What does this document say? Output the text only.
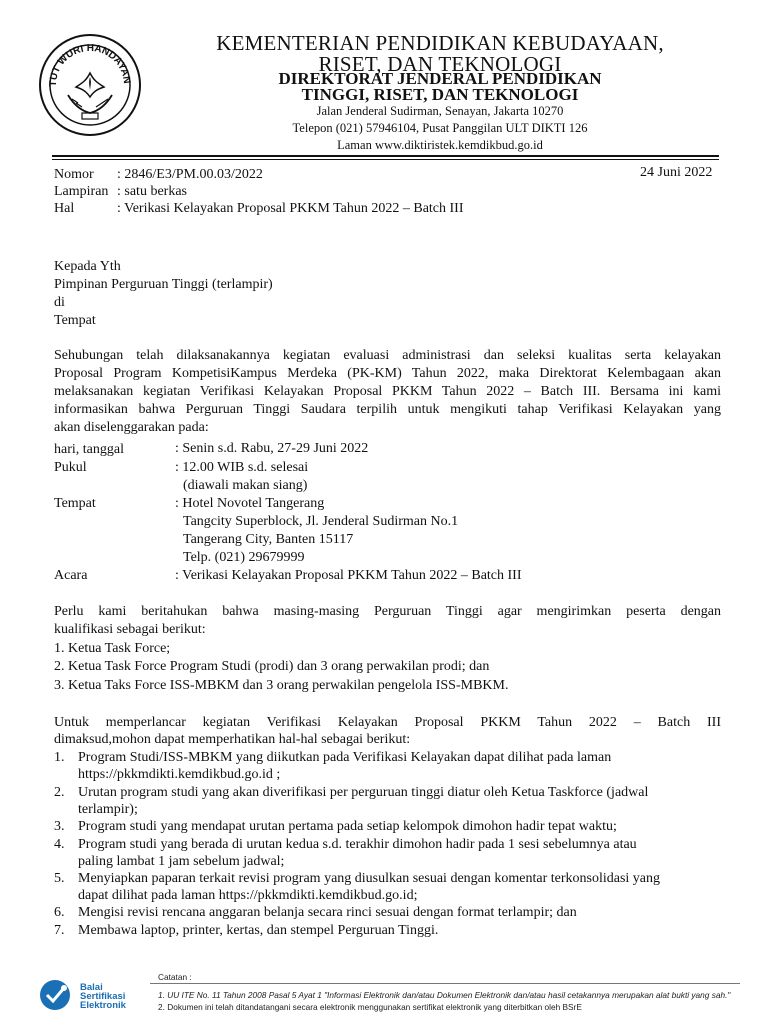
TUT WURI HANDAYAN
KEMENTERIAN PENDIDIKAN KEBUDAYAAN,
RISET, DAN TEKNOLOGI
DIREKTORAT JENDERAL PENDIDIKAN
TINGGI, RISET, DAN TEKNOLOGI
Jalan Jenderal Sudirman, Senayan, Jakarta 10270
Telepon (021) 57946104, Pusat Panggilan ULT DIKTI 126
Laman www.diktiristek.kemdikbud.go.id
Nomor : 2846/E3/PM.00.03/2022	24 Juni 2022
Lampiran : satu berkas
Hal	: Verikasi Kelayakan Proposal PKKM Tahun 2022 – Batch III
Kepada Yth
Pimpinan Perguruan Tinggi (terlampir)
di
Tempat
Sehubungan telah dilaksanakannya kegiatan evaluasi administrasi dan seleksi kualitas serta kelayakan
Proposal Program KompetisiKampus Merdeka (PK-KM) Tahun 2022, maka Direktorat Kelembagaan akan
melaksanakan kegiatan Verifikasi Kelayakan Proposal PKKM Tahun 2022 – Batch III. Bersama ini kami
informasikan bahwa Perguruan Tinggi Saudara terpilih untuk mengikuti tahap Verifikasi Kelayakan yang
akan diselenggarakan pada:
hari, tanggal	: Senin s.d. Rabu, 27-29 Juni 2022
Pukul	: 12.00 WIB s.d. selesai
(diawali makan siang)
Tempat	: Hotel Novotel Tangerang
Tangcity Superblock, Jl. Jenderal Sudirman No.1
Tangerang City, Banten 15117
Telp. (021) 29679999
Acara	: Verikasi Kelayakan Proposal PKKM Tahun 2022 – Batch III
Perlu kami beritahukan bahwa masing-masing Perguruan Tinggi agar mengirimkan peserta dengan
kualifikasi sebagai berikut:
1. Ketua Task Force;
2. Ketua Task Force Program Studi (prodi) dan 3 orang perwakilan prodi; dan
3. Ketua Taks Force ISS-MBKM dan 3 orang perwakilan pengelola ISS-MBKM.
Untuk memperlancar kegiatan Verifikasi Kelayakan Proposal PKKM Tahun 2022 – Batch III
dimaksud,mohon dapat memperhatikan hal-hal sebagai berikut:
1. Program Studi/ISS-MBKM yang diikutkan pada Verifikasi Kelayakan dapat dilihat pada laman
https://pkkmdikti.kemdikbud.go.id ;
2. Urutan program studi yang akan diverifikasi per perguruan tinggi diatur oleh Ketua Taskforce (jadwal
terlampir);
3. Program studi yang mendapat urutan pertama pada setiap kelompok dimohon hadir tepat waktu;
4. Program studi yang berada di urutan kedua s.d. terakhir dimohon hadir pada 1 sesi sebelumnya atau
paling lambat 1 jam sebelum jadwal;
5. Menyiapkan paparan terkait revisi program yang diusulkan sesuai dengan komentar terkonsolidasi yang
dapat dilihat pada laman https://pkkmdikti.kemdikbud.go.id;
6. Mengisi revisi rencana anggaran belanja secara rinci sesuai dengan format terlampir; dan
7. Membawa laptop, printer, kertas, dan stempel Perguruan Tinggi.
Balai
Sertifikasi
Elektronik
Catatan :
1. UU ITE No. 11 Tahun 2008 Pasal 5 Ayat 1 "Informasi Elektronik dan/atau Dokumen Elektronik dan/atau hasil cetakannya merupakan alat bukti yang sah."
2. Dokumen ini telah ditandatangani secara elektronik menggunakan sertifikat elektronik yang diterbitkan oleh BSrE
